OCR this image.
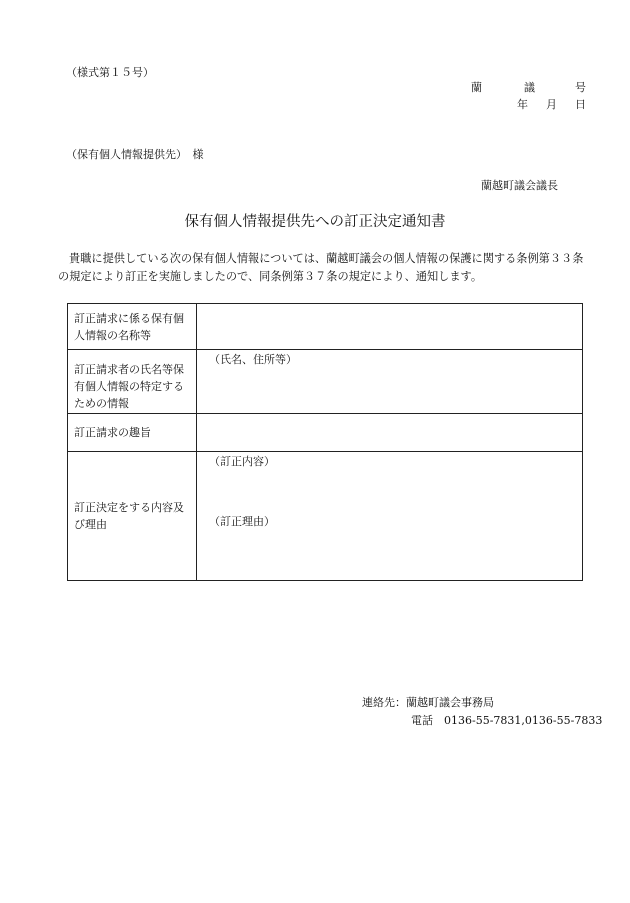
（様式第１５号）
蘭	議	号
年 月 日
（保有個人情報提供先）　様
蘭越町議会議長
保有個人情報提供先への訂正決定通知書

貴職に提供している次の保有個人情報については、蘭越町議会の個人情報の保護に関する条例第３３条

の規定により訂正を実施しましたので、同条例第３７条の規定により、通知します。

訂正請求に係る保有個人情報の名称等	
訂正請求者の氏名等保有個人情報の特定するための情報	（氏名、住所等）

訂正請求の趣旨	
訂正決定をする内容及び理由	（訂正内容）
（訂正理由）
連絡先：蘭越町議会事務局
電話　0136-55-7831,0136-55-7833
